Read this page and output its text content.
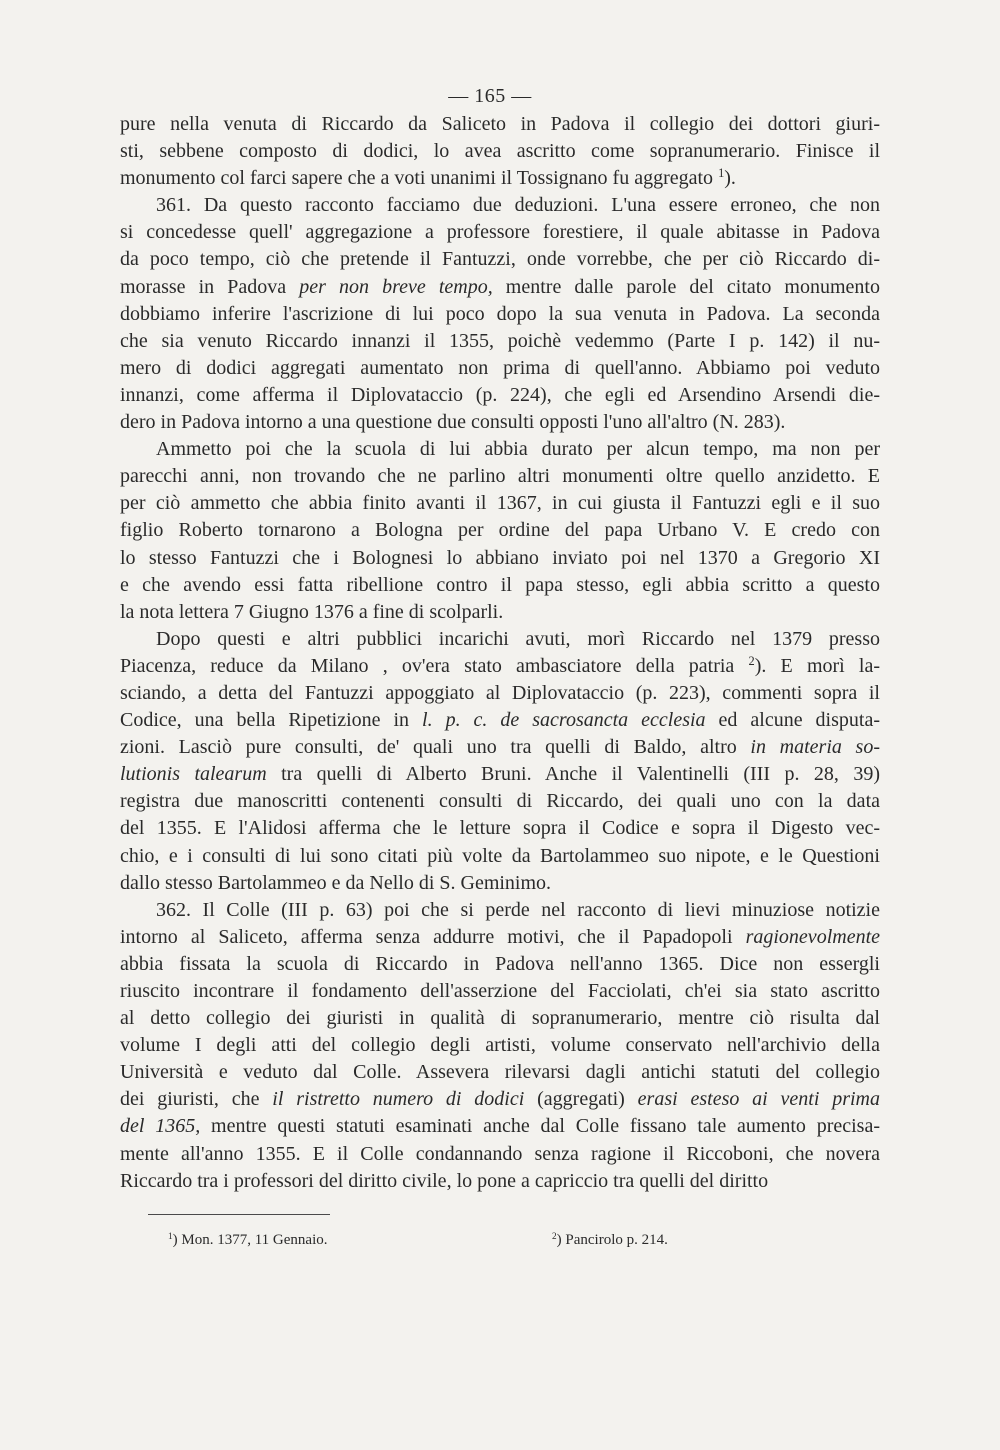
— 165 —
pure nella venuta di Riccardo da Saliceto in Padova il collegio dei dottori giuri-
sti, sebbene composto di dodici, lo avea ascritto come sopranumerario. Finisce il
monumento col farci sapere che a voti unanimi il Tossignano fu aggregato $^1$).
361. Da questo racconto facciamo due deduzioni. L'una essere erroneo, che non
si concedesse quell' aggregazione a professore forestiere, il quale abitasse in Padova
da poco tempo, ciò che pretende il Fantuzzi, onde vorrebbe, che per ciò Riccardo di-
morasse in Padova per non breve tempo, mentre dalle parole del citato monumento
dobbiamo inferire l'ascrizione di lui poco dopo la sua venuta in Padova. La seconda
che sia venuto Riccardo innanzi il 1355, poichè vedemmo (Parte I p. 142) il nu-
mero di dodici aggregati aumentato non prima di quell'anno. Abbiamo poi veduto
innanzi, come afferma il Diplovataccio (p. 224), che egli ed Arsendino Arsendi die-
dero in Padova intorno a una questione due consulti opposti l'uno all'altro (N. 283).
Ammetto poi che la scuola di lui abbia durato per alcun tempo, ma non per
parecchi anni, non trovando che ne parlino altri monumenti oltre quello anzidetto. E
per ciò ammetto che abbia finito avanti il 1367, in cui giusta il Fantuzzi egli e il suo
figlio Roberto tornarono a Bologna per ordine del papa Urbano V. E credo con
lo stesso Fantuzzi che i Bolognesi lo abbiano inviato poi nel 1370 a Gregorio XI
e che avendo essi fatta ribellione contro il papa stesso, egli abbia scritto a questo
la nota lettera 7 Giugno 1376 a fine di scolparli.
Dopo questi e altri pubblici incarichi avuti, morì Riccardo nel 1379 presso
Piacenza, reduce da Milano , ov'era stato ambasciatore della patria $^2$). E morì la-
sciando, a detta del Fantuzzi appoggiato al Diplovataccio (p. 223), commenti sopra il
Codice, una bella Ripetizione in l. p. c. de sacrosancta ecclesia ed alcune disputa-
zioni. Lasciò pure consulti, de' quali uno tra quelli di Baldo, altro in materia so-
lutionis talearum tra quelli di Alberto Bruni. Anche il Valentinelli (III p. 28, 39)
registra due manoscritti contenenti consulti di Riccardo, dei quali uno con la data
del 1355. E l'Alidosi afferma che le letture sopra il Codice e sopra il Digesto vec-
chio, e i consulti di lui sono citati più volte da Bartolammeo suo nipote, e le Questioni
dallo stesso Bartolammeo e da Nello di S. Geminimo.
362. Il Colle (III p. 63) poi che si perde nel racconto di lievi minuziose notizie
intorno al Saliceto, afferma senza addurre motivi, che il Papadopoli ragionevolmente
abbia fissata la scuola di Riccardo in Padova nell'anno 1365. Dice non essergli
riuscito incontrare il fondamento dell'asserzione del Facciolati, ch'ei sia stato ascritto
al detto collegio dei giuristi in qualità di sopranumerario, mentre ciò risulta dal
volume I degli atti del collegio degli artisti, volume conservato nell'archivio della
Università e veduto dal Colle. Assevera rilevarsi dagli antichi statuti del collegio
dei giuristi, che il ristretto numero di dodici (aggregati) erasi esteso ai venti prima
del 1365, mentre questi statuti esaminati anche dal Colle fissano tale aumento precisa-
mente all'anno 1355. E il Colle condannando senza ragione il Riccoboni, che novera
Riccardo tra i professori del diritto civile, lo pone a capriccio tra quelli del diritto
$^1$) Mon. 1377, 11 Gennaio.	$^2$) Pancirolo p. 214.
